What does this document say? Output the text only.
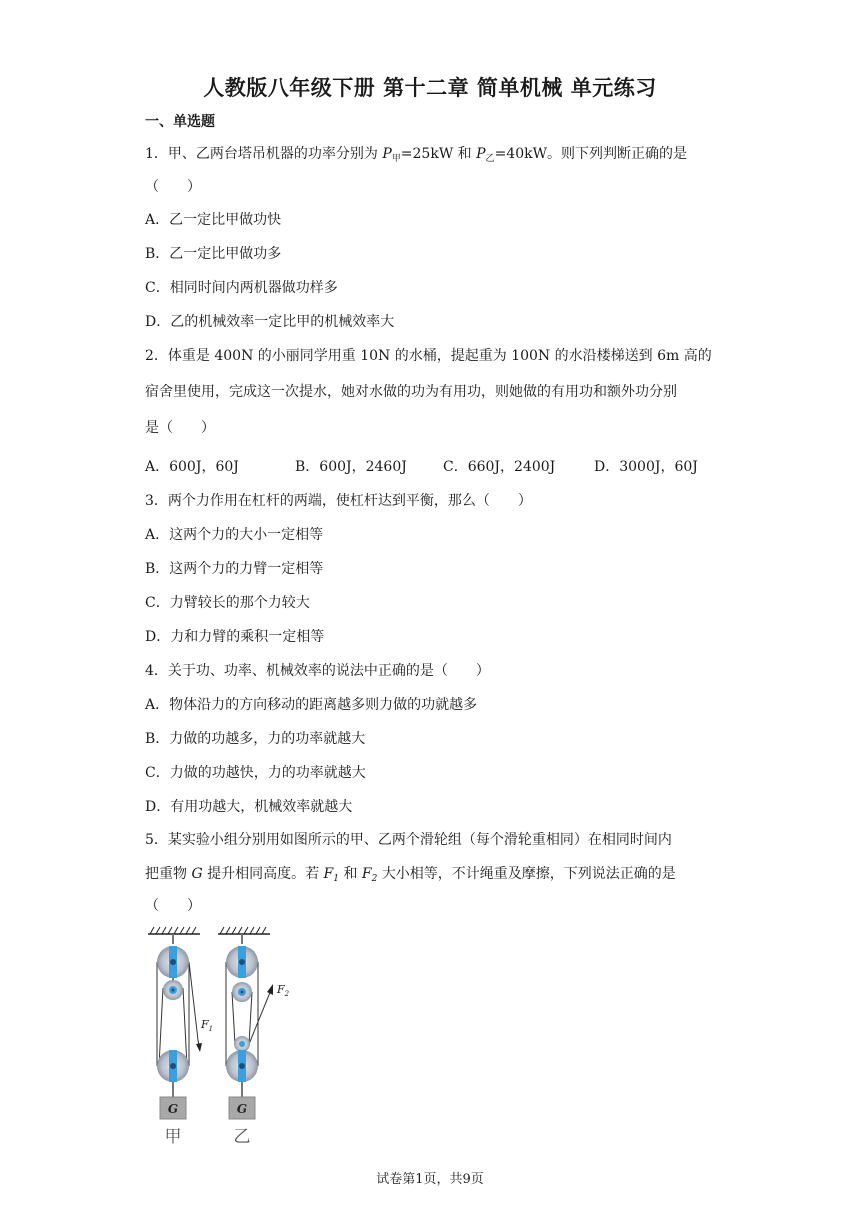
人教版八年级下册 第十二章 简单机械 单元练习
一、单选题
1．甲、乙两台塔吊机器的功率分别为 $P_甲=25kW$ 和 $P_乙=40kW$。则下列判断正确的是
（　　）
A．乙一定比甲做功快
B．乙一定比甲做功多
C．相同时间内两机器做功样多
D．乙的机械效率一定比甲的机械效率大
2．体重是 400N 的小丽同学用重 10N 的水桶，提起重为 100N 的水沿楼梯送到 6m 高的
宿舍里使用，完成这一次提水，她对水做的功为有用功，则她做的有用功和额外功分别
是（　　）
A．600J，60J	B．600J，2460J	C．660J，2400J	D．3000J，60J
3．两个力作用在杠杆的两端，使杠杆达到平衡，那么（　　）
A．这两个力的大小一定相等
B．这两个力的力臂一定相等
C．力臂较长的那个力较大
D．力和力臂的乘积一定相等
4．关于功、功率、机械效率的说法中正确的是（　　）
A．物体沿力的方向移动的距离越多则力做的功就越多
B．力做的功越多，力的功率就越大
C．力做的功越快，力的功率就越大
D．有用功越大，机械效率就越大
5．某实验小组分别用如图所示的甲、乙两个滑轮组（每个滑轮重相同）在相同时间内
把重物 G 提升相同高度。若 $F_1$ 和 $F_2$ 大小相等，不计绳重及摩擦，下列说法正确的是
（　　）
$F_1$
G
甲
$F_2$
G
乙
试卷第1页，共9页
